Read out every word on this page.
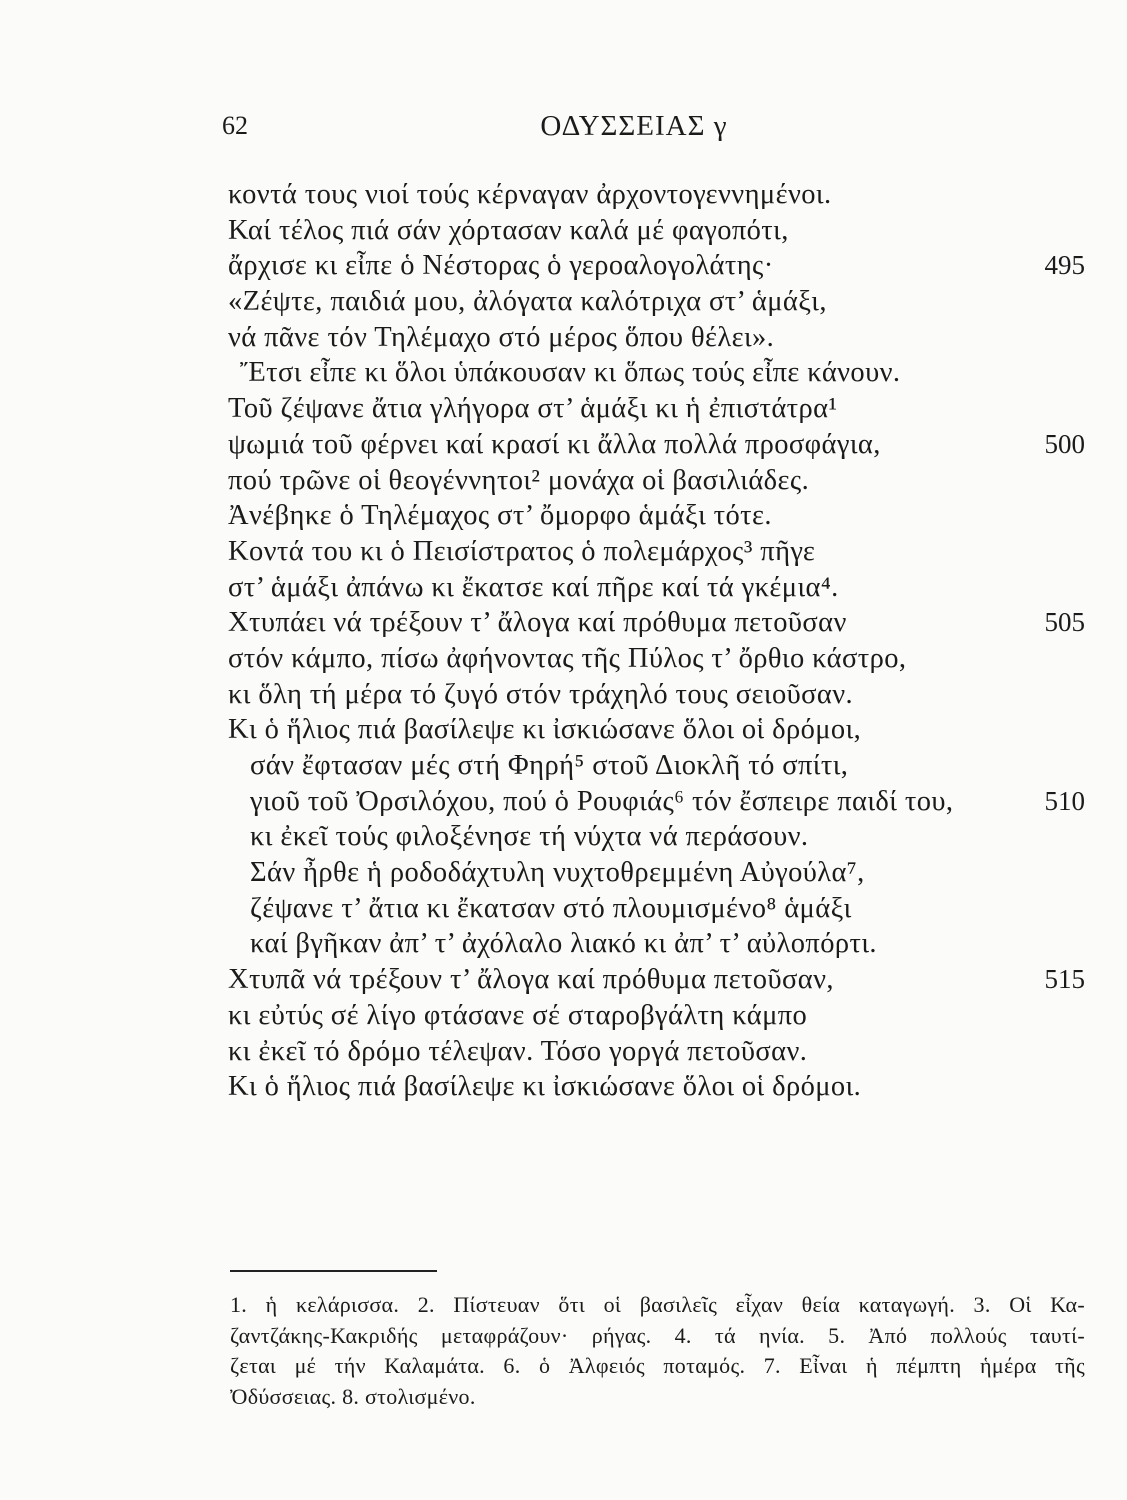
62	ΟΔΥΣΣΕΙΑΣ γ
κοντά τους νιοί τούς κέρναγαν ἀρχοντογεννημένοι.
Καί τέλος πιά σάν χόρτασαν καλά μέ φαγοπότι,
ἄρχισε κι εἶπε ὁ Νέστορας ὁ γεροαλογολάτης·	495
«Ζέψτε, παιδιά μου, ἀλόγατα καλότριχα στ’ ἁμάξι,
νά πᾶνε τόν Τηλέμαχο στό μέρος ὅπου θέλει».
Ἔτσι εἶπε κι ὅλοι ὑπάκουσαν κι ὅπως τούς εἶπε κάνουν.
Τοῦ ζέψανε ἄτια γλήγορα στ’ ἁμάξι κι ἡ ἐπιστάτρα¹
ψωμιά τοῦ φέρνει καί κρασί κι ἄλλα πολλά προσφάγια,	500
πού τρῶνε οἱ θεογέννητοι² μονάχα οἱ βασιλιάδες.
Ἀνέβηκε ὁ Τηλέμαχος στ’ ὄμορφο ἁμάξι τότε.
Κοντά του κι ὁ Πεισίστρατος ὁ πολεμάρχος³ πῆγε
στ’ ἁμάξι ἀπάνω κι ἔκατσε καί πῆρε καί τά γκέμια⁴.
Χτυπάει νά τρέξουν τ’ ἄλογα καί πρόθυμα πετοῦσαν	505
στόν κάμπο, πίσω ἀφήνοντας τῆς Πύλος τ’ ὄρθιο κάστρο,
κι ὅλη τή μέρα τό ζυγό στόν τράχηλό τους σειοῦσαν.
Κι ὁ ἥλιος πιά βασίλεψε κι ἰσκιώσανε ὅλοι οἱ δρόμοι,
σάν ἔφτασαν μές στή Φηρή⁵ στοῦ Διοκλῆ τό σπίτι,
γιοῦ τοῦ Ὀρσιλόχου, πού ὁ Ρουφιάς⁶ τόν ἔσπειρε παιδί του,	510
κι ἐκεῖ τούς φιλοξένησε τή νύχτα νά περάσουν.
Σάν ἦρθε ἡ ροδοδάχτυλη νυχτοθρεμμένη Αὐγούλα⁷,
ζέψανε τ’ ἄτια κι ἔκατσαν στό πλουμισμένο⁸ ἁμάξι
καί βγῆκαν ἀπ’ τ’ ἀχόλαλο λιακό κι ἀπ’ τ’ αὐλοπόρτι.
Χτυπᾶ νά τρέξουν τ’ ἄλογα καί πρόθυμα πετοῦσαν,	515
κι εὐτύς σέ λίγο φτάσανε σέ σταροβγάλτη κάμπο
κι ἐκεῖ τό δρόμο τέλεψαν. Τόσο γοργά πετοῦσαν.
Κι ὁ ἥλιος πιά βασίλεψε κι ἰσκιώσανε ὅλοι οἱ δρόμοι.
1. ἡ κελάρισσα. 2. Πίστευαν ὅτι οἱ βασιλεῖς εἶχαν θεία καταγωγή. 3. Οἱ Κα-
ζαντζάκης-Κακριδής μεταφράζουν· ρήγας. 4. τά ηνία. 5. Ἀπό πολλούς ταυτί-
ζεται μέ τήν Καλαμάτα. 6. ὁ Ἀλφειός ποταμός. 7. Εἶναι ἡ πέμπτη ἡμέρα τῆς
Ὀδύσσειας. 8. στολισμένο.
